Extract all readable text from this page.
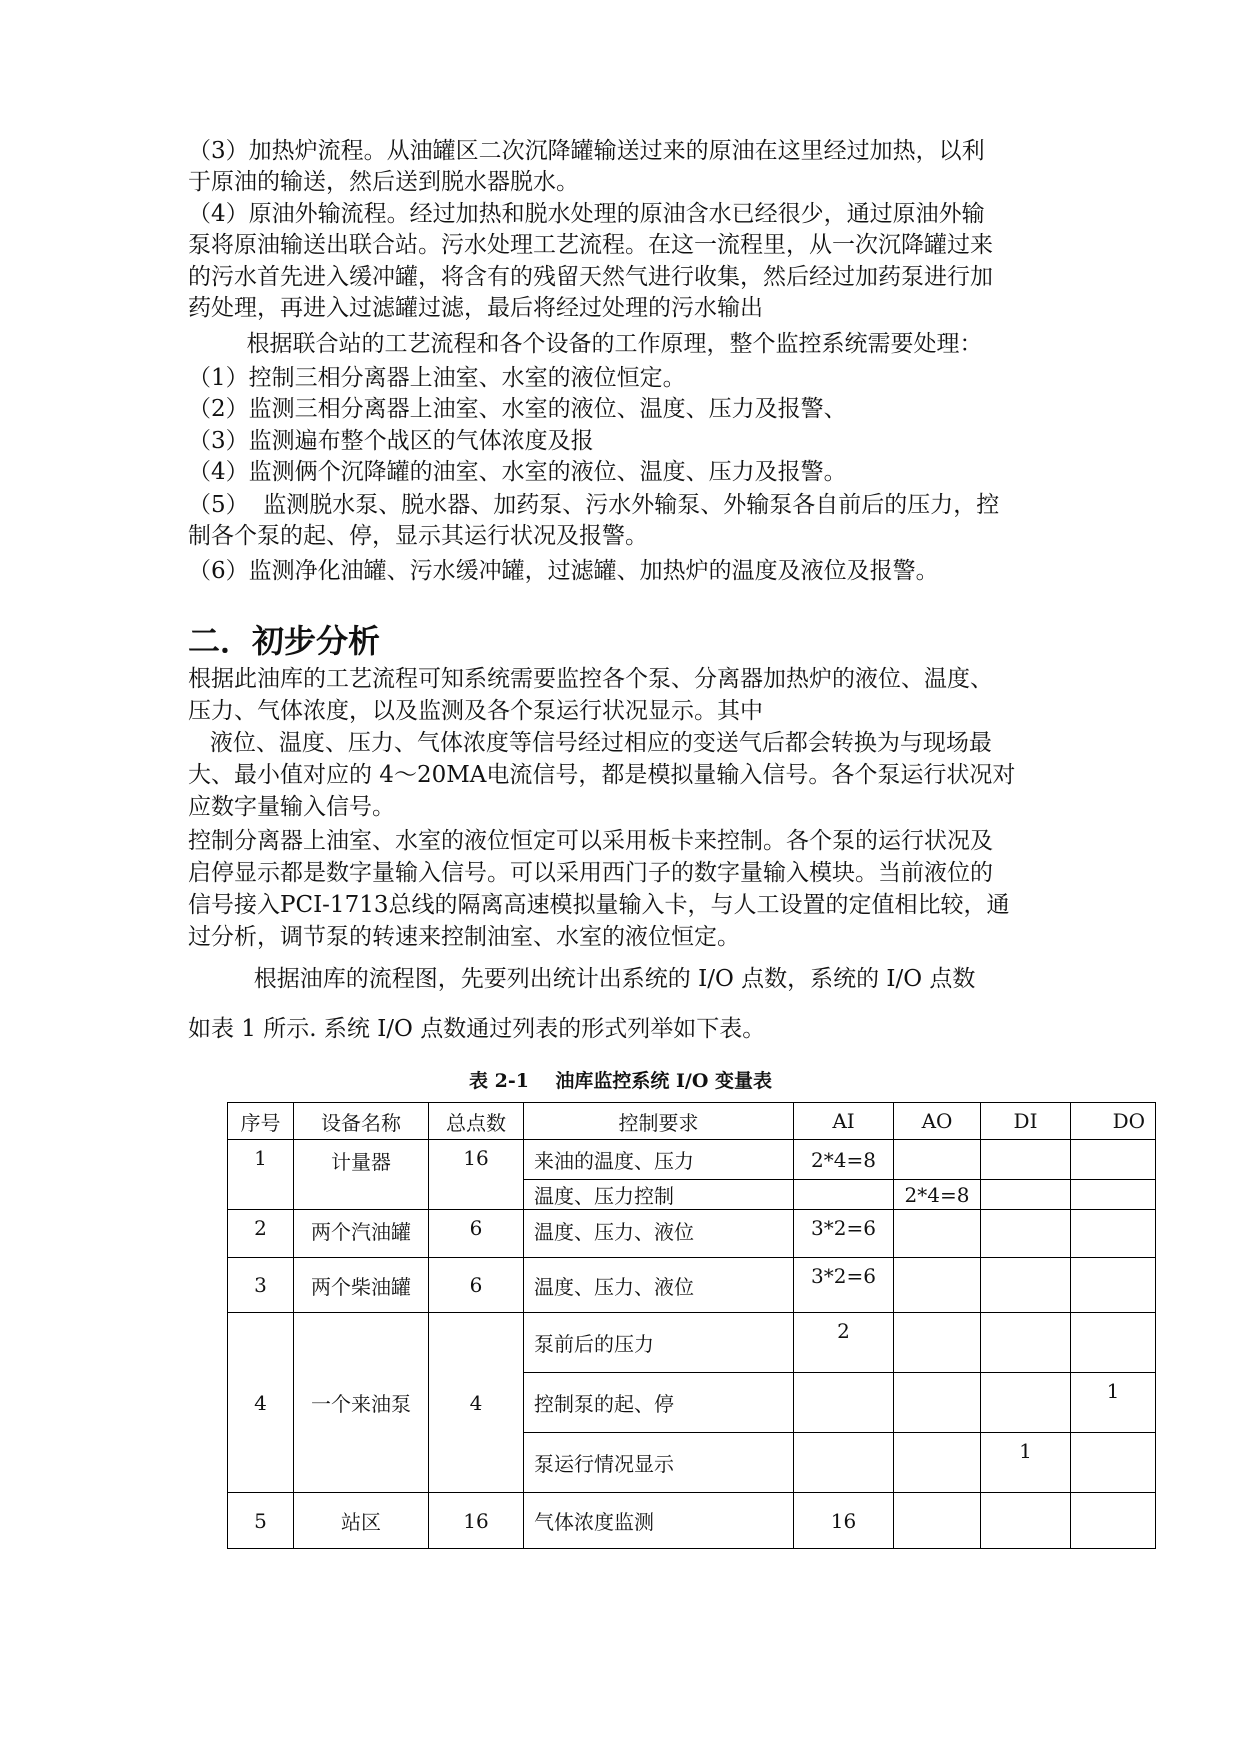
（3）加热炉流程。从油罐区二次沉降罐输送过来的原油在这里经过加热，以利
于原油的输送，然后送到脱水器脱水。
（4）原油外输流程。经过加热和脱水处理的原油含水已经很少，通过原油外输
泵将原油输送出联合站。污水处理工艺流程。在这一流程里，从一次沉降罐过来
的污水首先进入缓冲罐，将含有的残留天然气进行收集，然后经过加药泵进行加
药处理，再进入过滤罐过滤，最后将经过处理的污水输出
根据联合站的工艺流程和各个设备的工作原理，整个监控系统需要处理：
（1）控制三相分离器上油室、水室的液位恒定。
（2）监测三相分离器上油室、水室的液位、温度、压力及报警、
（3）监测遍布整个战区的气体浓度及报
（4）监测俩个沉降罐的油室、水室的液位、温度、压力及报警。
（5）  监测脱水泵、脱水器、加药泵、污水外输泵、外输泵各自前后的压力，控
制各个泵的起、停，显示其运行状况及报警。
（6）监测净化油罐、污水缓冲罐，过滤罐、加热炉的温度及液位及报警。
二．初步分析
根据此油库的工艺流程可知系统需要监控各个泵、分离器加热炉的液位、温度、
压力、气体浓度，以及监测及各个泵运行状况显示。其中
液位、温度、压力、气体浓度等信号经过相应的变送气后都会转换为与现场最
大、最小值对应的 4～20MA电流信号，都是模拟量输入信号。各个泵运行状况对
应数字量输入信号。
控制分离器上油室、水室的液位恒定可以采用板卡来控制。各个泵的运行状况及
启停显示都是数字量输入信号。可以采用西门子的数字量输入模块。当前液位的
信号接入PCI-1713总线的隔离高速模拟量输入卡，与人工设置的定值相比较，通
过分析，调节泵的转速来控制油室、水室的液位恒定。
根据油库的流程图，先要列出统计出系统的 I/O 点数，系统的 I/O 点数
如表 1 所示. 系统 I/O 点数通过列表的形式列举如下表。
表 2-1    油库监控系统 I/O 变量表
序号	设备名称	总点数	控制要求	AI	AO	DI	DO
1	计量器	16	来油的温度、压力	2*4=8			
			温度、压力控制		2*4=8		
2	两个汽油罐	6	温度、压力、液位	3*2=6			
3	两个柴油罐	6	温度、压力、液位	3*2=6			
4	一个来油泵	4	泵前后的压力	2			
			控制泵的起、停				1
			泵运行情况显示			1	
5	站区	16	气体浓度监测	16			
